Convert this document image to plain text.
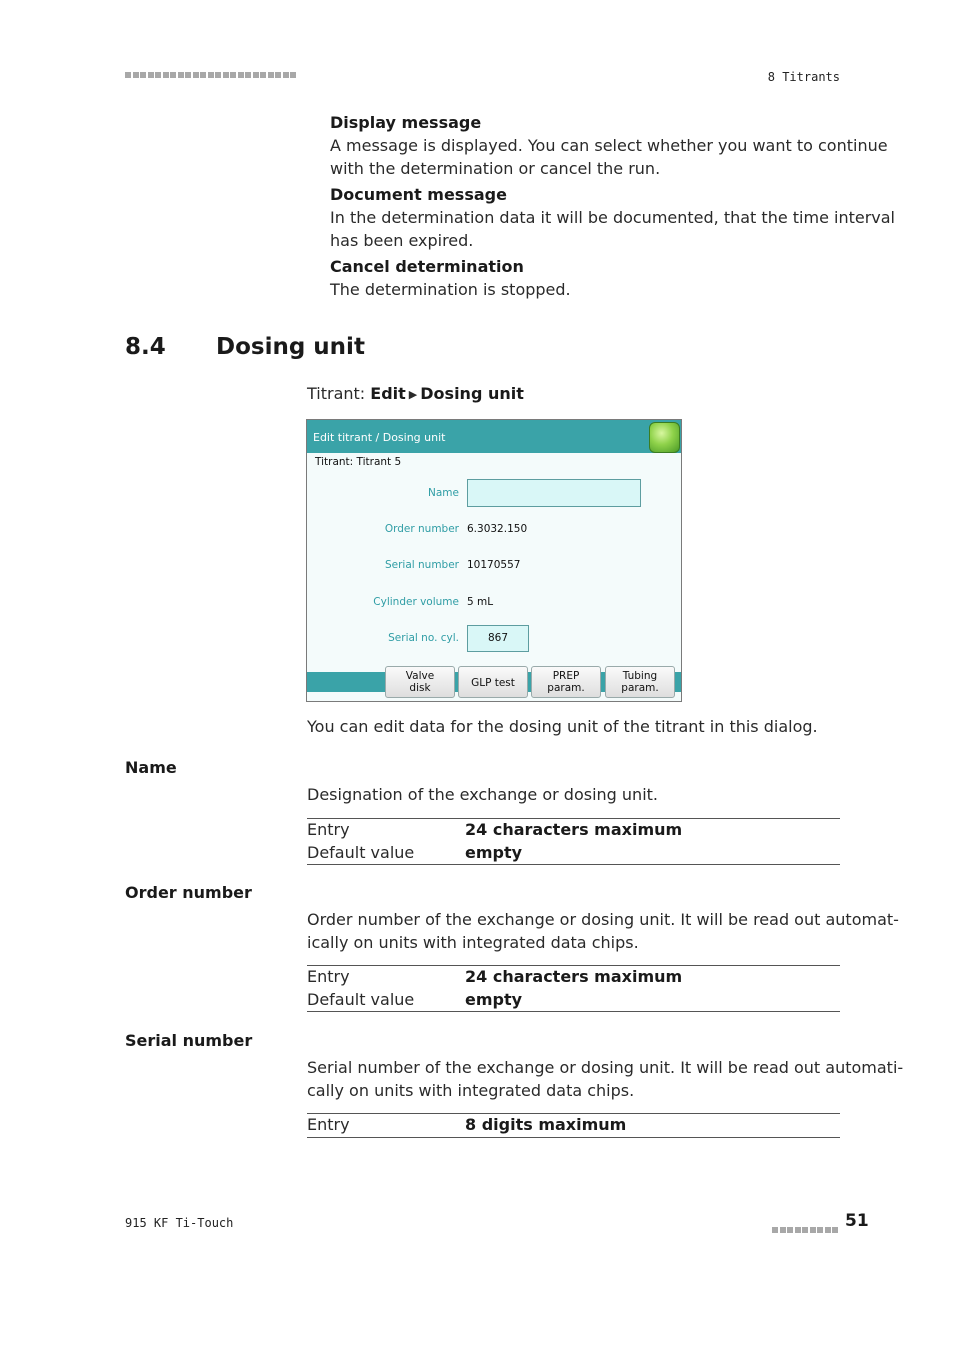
8 Titrants
Display message
A message is displayed. You can select whether you want to continue
with the determination or cancel the run.
Document message
In the determination data it will be documented, that the time interval
has been expired.
Cancel determination
The determination is stopped.
8.4 Dosing unit
Titrant: Edit ▶ Dosing unit
Edit titrant / Dosing unit
Titrant: Titrant 5
Name
Order number 6.3032.150
Serial number 10170557
Cylinder volume 5 mL
Serial no. cyl.	867
Valve
disk	GLP test
PREP
param.
Tubing
param.
You can edit data for the dosing unit of the titrant in this dialog.
Name
Designation of the exchange or dosing unit.
Entry	24 characters maximum
Default value	empty
Order number
Order number of the exchange or dosing unit. It will be read out automat-
ically on units with integrated data chips.
Entry	24 characters maximum
Default value	empty
Serial number
Serial number of the exchange or dosing unit. It will be read out automati-
cally on units with integrated data chips.
Entry	8 digits maximum
915 KF Ti-Touch	51
